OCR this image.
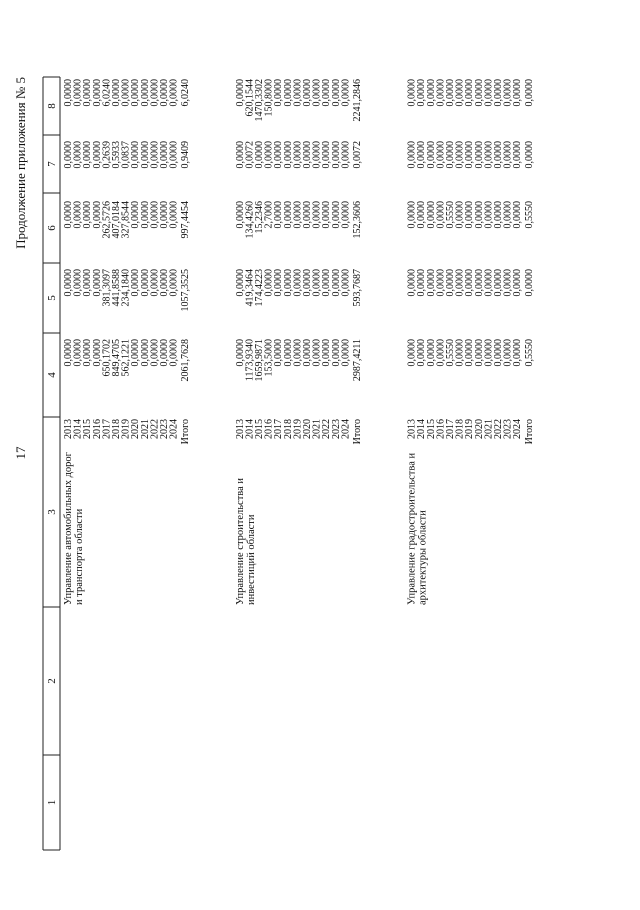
Продолжение приложения № 5
17
1
2
3
4
5
6
7
8
Управление автомобильных дорог и транспорта области
2013
0,0000
0,0000
0,0000
0,0000
0,0000
2014
0,0000
0,0000
0,0000
0,0000
0,0000
2015
0,0000
0,0000
0,0000
0,0000
0,0000
2016
0,0000
0,0000
0,0000
0,0000
0,0000
2017
650,1702
381,3097
262,5726
0,2639
6,0240
2018
849,4705
441,8588
407,0184
0,5933
0,0000
2019
562,1221
234,1840
327,8544
0,0837
0,0000
2020
0,0000
0,0000
0,0000
0,0000
0,0000
2021
0,0000
0,0000
0,0000
0,0000
0,0000
2022
0,0000
0,0000
0,0000
0,0000
0,0000
2023
0,0000
0,0000
0,0000
0,0000
0,0000
2024
0,0000
0,0000
0,0000
0,0000
0,0000
Итого
2061,7628
1057,3525
997,4454
0,9409
6,0240
Управление строительства и инвестиций области
2013
0,0000
0,0000
0,0000
0,0000
0,0000
2014
1173,9340
419,3464
134,4260
0,0072
620,1544
2015
1659,9871
174,4223
15,2346
0,0000
1470,3302
2016
153,5000
0,0000
2,7000
0,0000
150,8000
2017
0,0000
0,0000
0,0000
0,0000
0,0000
2018
0,0000
0,0000
0,0000
0,0000
0,0000
2019
0,0000
0,0000
0,0000
0,0000
0,0000
2020
0,0000
0,0000
0,0000
0,0000
0,0000
2021
0,0000
0,0000
0,0000
0,0000
0,0000
2022
0,0000
0,0000
0,0000
0,0000
0,0000
2023
0,0000
0,0000
0,0000
0,0000
0,0000
2024
0,0000
0,0000
0,0000
0,0000
0,0000
Итого
2987,4211
593,7687
152,3606
0,0072
2241,2846
Управление градостроительства и архитектуры области
2013
0,0000
0,0000
0,0000
0,0000
0,0000
2014
0,0000
0,0000
0,0000
0,0000
0,0000
2015
0,0000
0,0000
0,0000
0,0000
0,0000
2016
0,0000
0,0000
0,0000
0,0000
0,0000
2017
0,5550
0,0000
0,5550
0,0000
0,0000
2018
0,0000
0,0000
0,0000
0,0000
0,0000
2019
0,0000
0,0000
0,0000
0,0000
0,0000
2020
0,0000
0,0000
0,0000
0,0000
0,0000
2021
0,0000
0,0000
0,0000
0,0000
0,0000
2022
0,0000
0,0000
0,0000
0,0000
0,0000
2023
0,0000
0,0000
0,0000
0,0000
0,0000
2024
0,0000
0,0000
0,0000
0,0000
0,0000
Итого
0,5550
0,0000
0,5550
0,0000
0,0000
